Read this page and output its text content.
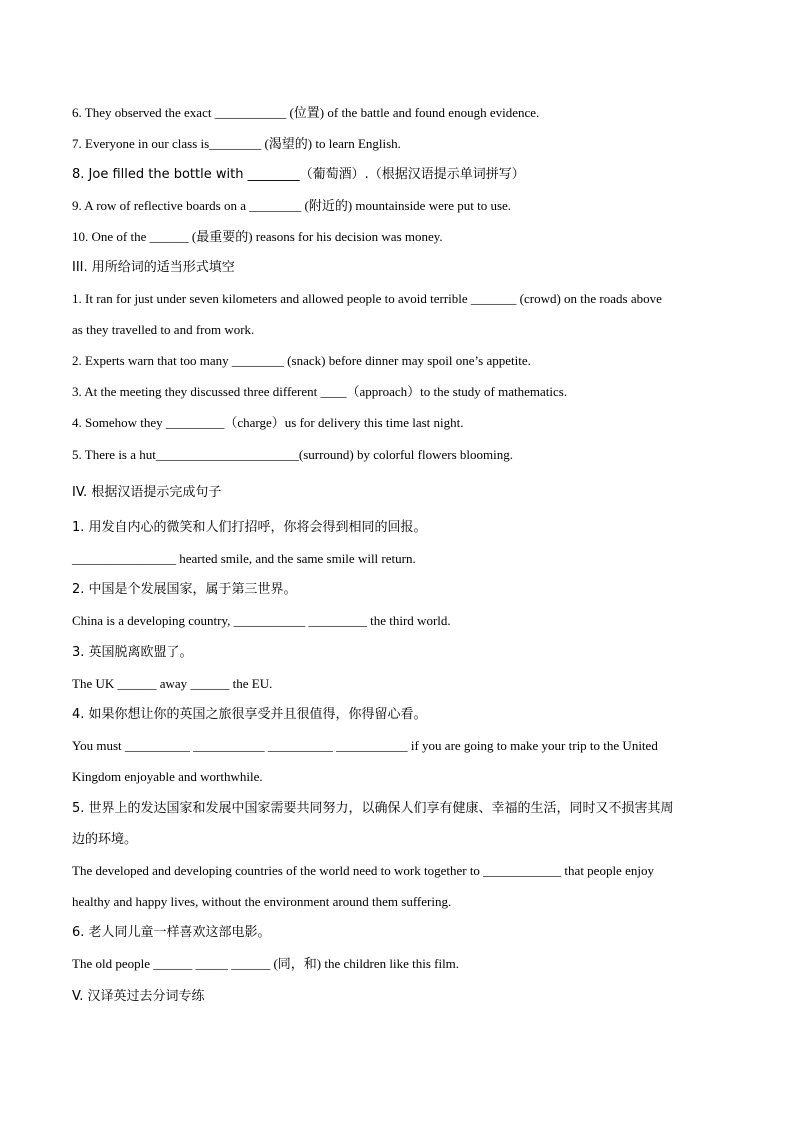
6. They observed the exact ___________ (位置) of the battle and found enough evidence.
7. Everyone in our class is________ (渴望的) to learn English.
8. Joe filled the bottle with ________（葡萄酒）.（根据汉语提示单词拼写）
9. A row of reflective boards on a ________ (附近的) mountainside were put to use.
10. One of the ______ (最重要的) reasons for his decision was money.
III. 用所给词的适当形式填空
1. It ran for just under seven kilometers and allowed people to avoid terrible _______ (crowd) on the roads above
as they travelled to and from work.
2. Experts warn that too many ________ (snack) before dinner may spoil one’s appetite.
3. At the meeting they discussed three different ____（approach）to the study of mathematics.
4. Somehow they _________（charge）us for delivery this time last night.
5. There is a hut______________________(surround) by colorful flowers blooming.
IV. 根据汉语提示完成句子
1. 用发自内心的微笑和人们打招呼，你将会得到相同的回报。
________________ hearted smile, and the same smile will return.
2. 中国是个发展国家，属于第三世界。
China is a developing country, ___________ _________ the third world.
3. 英国脱离欧盟了。
The UK ______ away ______ the EU.
4. 如果你想让你的英国之旅很享受并且很值得，你得留心看。
You must __________ ___________ __________ ___________ if you are going to make your trip to the United
Kingdom enjoyable and worthwhile.
5. 世界上的发达国家和发展中国家需要共同努力，以确保人们享有健康、幸福的生活，同时又不损害其周
边的环境。
The developed and developing countries of the world need to work together to ____________ that people enjoy
healthy and happy lives, without the environment around them suffering.
6. 老人同儿童一样喜欢这部电影。
The old people ______ _____ ______ (同，和) the children like this film.
V. 汉译英过去分词专练
